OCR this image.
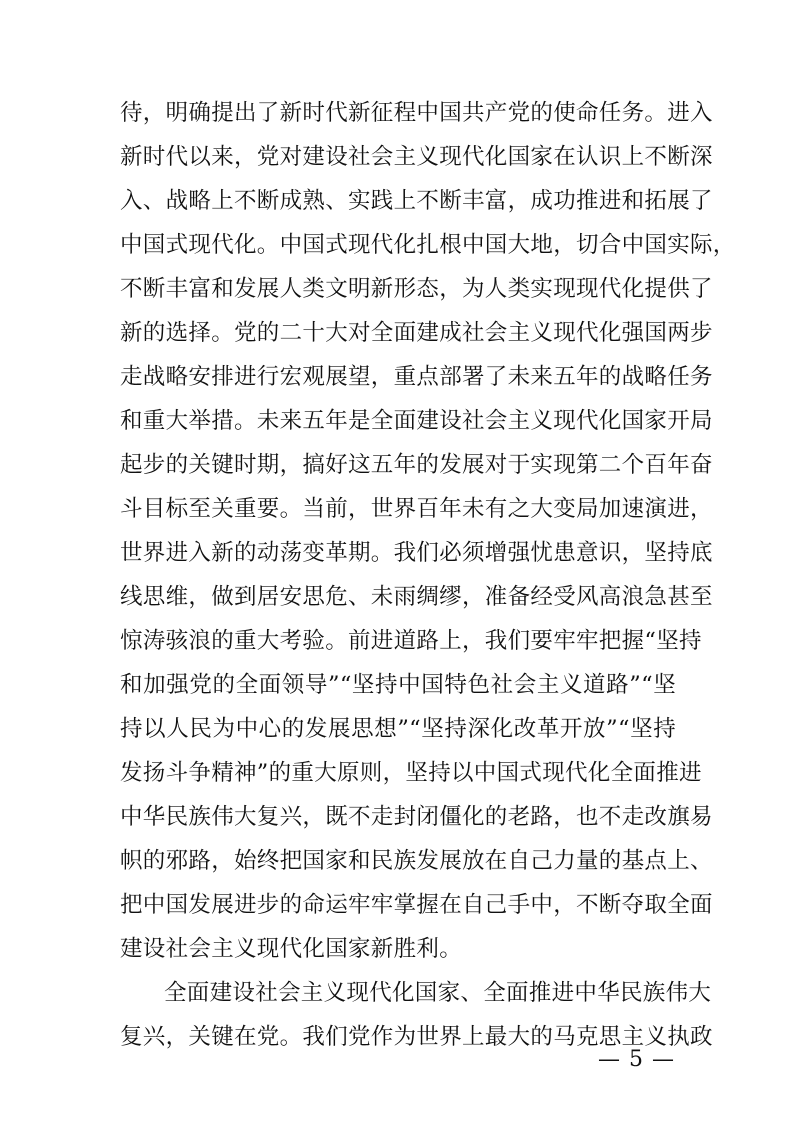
待，明确提出了新时代新征程中国共产党的使命任务。进入
新时代以来，党对建设社会主义现代化国家在认识上不断深
入、战略上不断成熟、实践上不断丰富，成功推进和拓展了
中国式现代化。中国式现代化扎根中国大地，切合中国实际，
不断丰富和发展人类文明新形态，为人类实现现代化提供了
新的选择。党的二十大对全面建成社会主义现代化强国两步
走战略安排进行宏观展望，重点部署了未来五年的战略任务
和重大举措。未来五年是全面建设社会主义现代化国家开局
起步的关键时期，搞好这五年的发展对于实现第二个百年奋
斗目标至关重要。当前，世界百年未有之大变局加速演进，
世界进入新的动荡变革期。我们必须增强忧患意识，坚持底
线思维，做到居安思危、未雨绸缪，准备经受风高浪急甚至
惊涛骇浪的重大考验。前进道路上，我们要牢牢把握“坚持
和加强党的全面领导”“坚持中国特色社会主义道路”“坚
持以人民为中心的发展思想”“坚持深化改革开放”“坚持
发扬斗争精神”的重大原则，坚持以中国式现代化全面推进
中华民族伟大复兴，既不走封闭僵化的老路，也不走改旗易
帜的邪路，始终把国家和民族发展放在自己力量的基点上、
把中国发展进步的命运牢牢掌握在自己手中，不断夺取全面
建设社会主义现代化国家新胜利。
全面建设社会主义现代化国家、全面推进中华民族伟大
复兴，关键在党。我们党作为世界上最大的马克思主义执政
— 5 —
